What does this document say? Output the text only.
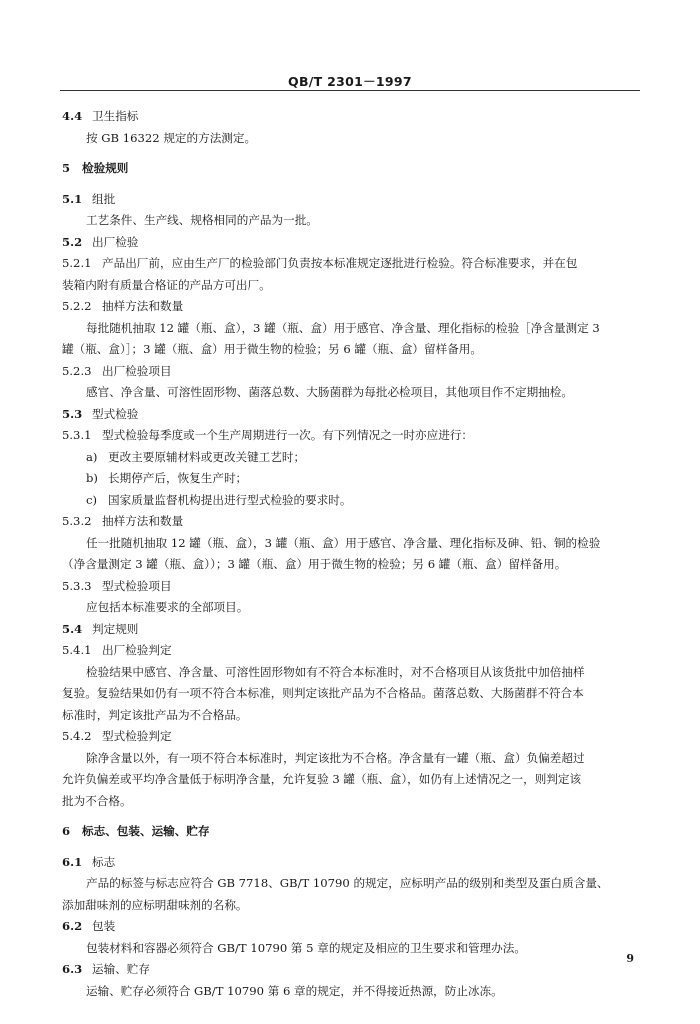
QB/T 2301－1997
4.4 卫生指标
按 GB 16322 规定的方法测定。
5 检验规则
5.1 组批
工艺条件、生产线、规格相同的产品为一批。
5.2 出厂检验
5.2.1 产品出厂前，应由生产厂的检验部门负责按本标准规定逐批进行检验。符合标准要求，并在包
装箱内附有质量合格证的产品方可出厂。
5.2.2 抽样方法和数量
每批随机抽取 12 罐（瓶、盒），3 罐（瓶、盒）用于感官、净含量、理化指标的检验［净含量测定 3
罐（瓶、盒）］；3 罐（瓶、盒）用于微生物的检验；另 6 罐（瓶、盒）留样备用。
5.2.3 出厂检验项目
感官、净含量、可溶性固形物、菌落总数、大肠菌群为每批必检项目，其他项目作不定期抽检。
5.3 型式检验
5.3.1 型式检验每季度或一个生产周期进行一次。有下列情况之一时亦应进行：
a) 更改主要原辅材料或更改关键工艺时；
b) 长期停产后，恢复生产时；
c) 国家质量监督机构提出进行型式检验的要求时。
5.3.2 抽样方法和数量
任一批随机抽取 12 罐（瓶、盒），3 罐（瓶、盒）用于感官、净含量、理化指标及砷、铅、铜的检验
（净含量测定 3 罐（瓶、盒））；3 罐（瓶、盒）用于微生物的检验；另 6 罐（瓶、盒）留样备用。
5.3.3 型式检验项目
应包括本标准要求的全部项目。
5.4 判定规则
5.4.1 出厂检验判定
检验结果中感官、净含量、可溶性固形物如有不符合本标准时，对不合格项目从该货批中加倍抽样
复验。复验结果如仍有一项不符合本标准，则判定该批产品为不合格品。菌落总数、大肠菌群不符合本
标准时，判定该批产品为不合格品。
5.4.2 型式检验判定
除净含量以外，有一项不符合本标准时，判定该批为不合格。净含量有一罐（瓶、盒）负偏差超过
允许负偏差或平均净含量低于标明净含量，允许复验 3 罐（瓶、盒），如仍有上述情况之一，则判定该
批为不合格。
6 标志、包装、运输、贮存
6.1 标志
产品的标签与标志应符合 GB 7718、GB/T 10790 的规定，应标明产品的级别和类型及蛋白质含量、
添加甜味剂的应标明甜味剂的名称。
6.2 包装
包装材料和容器必须符合 GB/T 10790 第 5 章的规定及相应的卫生要求和管理办法。
6.3 运输、贮存
运输、贮存必须符合 GB/T 10790 第 6 章的规定，并不得接近热源，防止冰冻。
9
